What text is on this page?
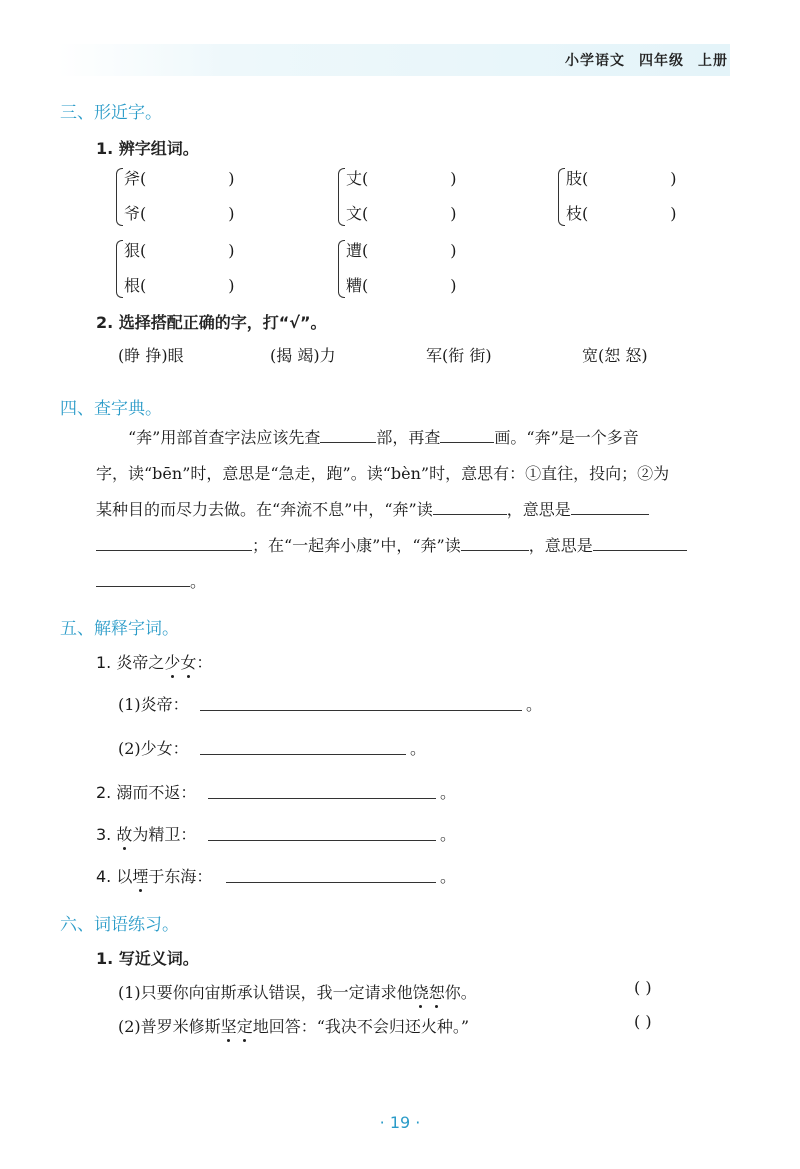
小学语文 四年级 上册
三、形近字。
1. 辨字组词。
斧(	)
爷(	)
丈(	)
文(	)
肢(	)
枝(	)
狠(	)
根(	)
遭(	)
糟(	)
2. 选择搭配正确的字，打“√”。
(睁 挣)眼	(揭 竭)力	军(衔 街)	宽(恕 怒)
四、查字典。
“奔”用部首查字法应该先查	部，再查	画。“奔”是一个多音
字，读“bēn”时，意思是“急走，跑”。读“bèn”时，意思有：①直往，投向；②为
某种目的而尽力去做。在“奔流不息”中，“奔”读	，意思是
；在“一起奔小康”中，“奔”读	，意思是
。
五、解释字词。
1. 炎帝之少女：
(1)炎帝：	。
(2)少女：	。
2. 溺而不返：	。
3. 故为精卫：	。
4. 以堙于东海：	。
六、词语练习。
1. 写近义词。
(1)只要你向宙斯承认错误，我一定请求他饶恕你。	( )
(2)普罗米修斯坚定地回答：“我决不会归还火种。”	( )
· 19 ·
